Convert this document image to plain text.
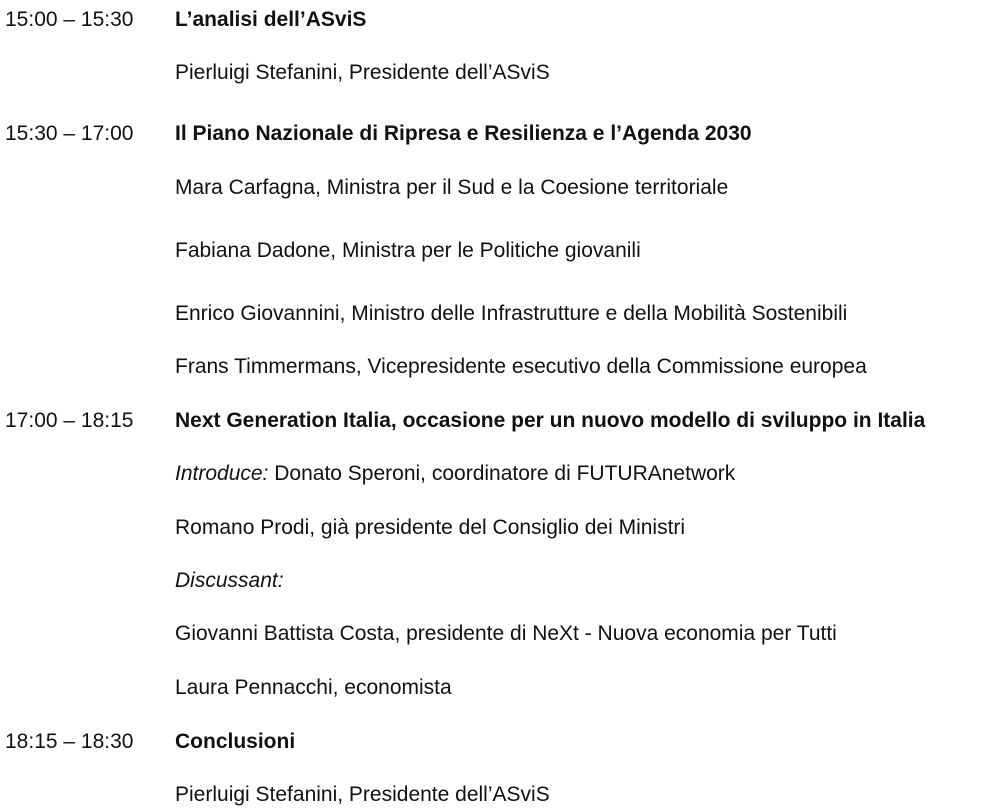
15:00 – 15:30 L’analisi dell’ASviS
Pierluigi Stefanini, Presidente dell’ASviS
15:30 – 17:00 Il Piano Nazionale di Ripresa e Resilienza e l’Agenda 2030
Mara Carfagna, Ministra per il Sud e la Coesione territoriale
Fabiana Dadone, Ministra per le Politiche giovanili
Enrico Giovannini, Ministro delle Infrastrutture e della Mobilità Sostenibili
Frans Timmermans, Vicepresidente esecutivo della Commissione europea
17:00 – 18:15 Next Generation Italia, occasione per un nuovo modello di sviluppo in Italia
Introduce: Donato Speroni, coordinatore di FUTURAnetwork
Romano Prodi, già presidente del Consiglio dei Ministri
Discussant:
Giovanni Battista Costa, presidente di NeXt - Nuova economia per Tutti
Laura Pennacchi, economista
18:15 – 18:30 Conclusioni
Pierluigi Stefanini, Presidente dell’ASviS
